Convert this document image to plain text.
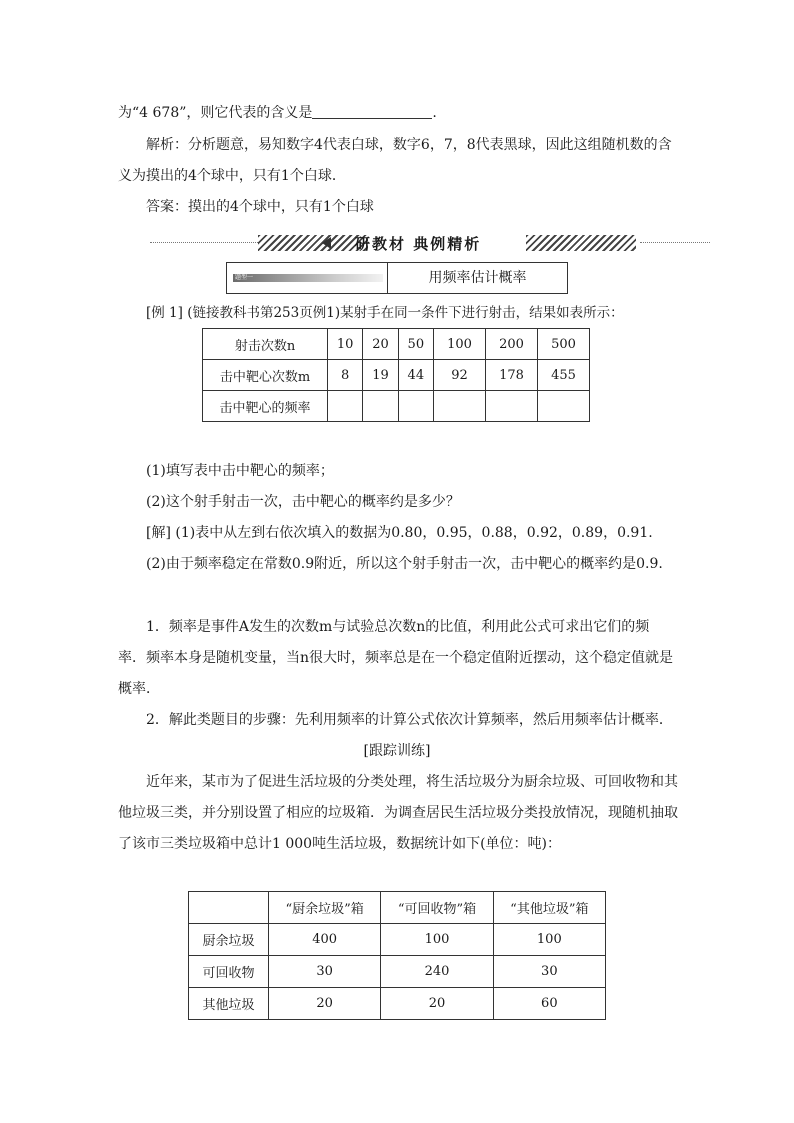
为“4 678”，则它代表的含义是	.
解析：分析题意，易知数字4代表白球，数字6，7，8代表黑球，因此这组随机数的含
义为摸出的4个球中，只有1个白球．
答案：摸出的4个球中，只有1个白球
研教材 典例精析
题型一	用频率估计概率
[例 1] (链接教科书第253页例1)某射手在同一条件下进行射击，结果如表所示：
射击次数n	10	20	50	100	200	500
击中靶心次数m	8	19	44	92	178	455
击中靶心的频率						
(1)填写表中击中靶心的频率；
(2)这个射手射击一次，击中靶心的概率约是多少？
[解] (1)表中从左到右依次填入的数据为0.80，0.95，0.88，0.92，0.89，0.91.
(2)由于频率稳定在常数0.9附近，所以这个射手射击一次，击中靶心的概率约是0.9.
1．频率是事件A发生的次数m与试验总次数n的比值，利用此公式可求出它们的频
率．频率本身是随机变量，当n很大时，频率总是在一个稳定值附近摆动，这个稳定值就是
概率．
2．解此类题目的步骤：先利用频率的计算公式依次计算频率，然后用频率估计概率．
[跟踪训练]
近年来，某市为了促进生活垃圾的分类处理，将生活垃圾分为厨余垃圾、可回收物和其
他垃圾三类，并分别设置了相应的垃圾箱．为调查居民生活垃圾分类投放情况，现随机抽取
了该市三类垃圾箱中总计1 000吨生活垃圾，数据统计如下(单位：吨)：
	“厨余垃圾”箱	“可回收物”箱	“其他垃圾”箱
厨余垃圾	400	100	100
可回收物	30	240	30
其他垃圾	20	20	60
